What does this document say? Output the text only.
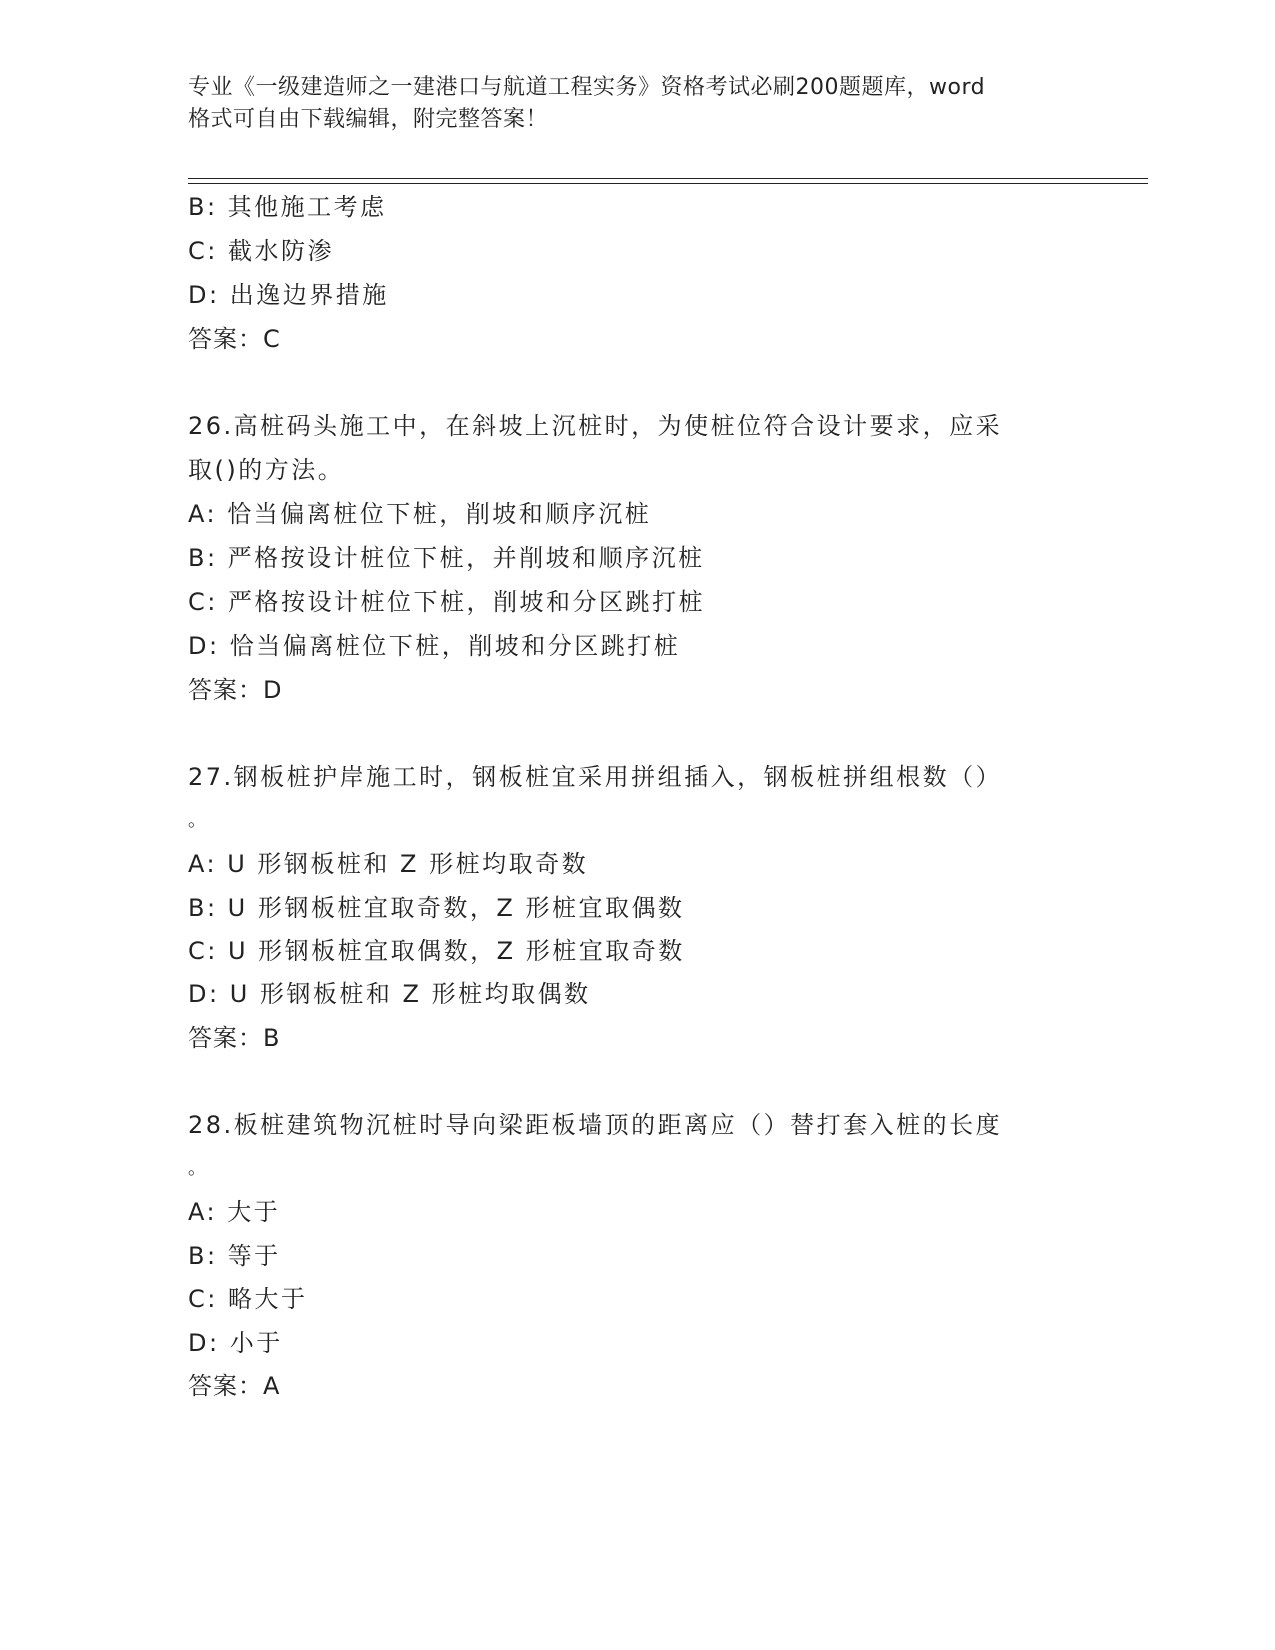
专业《一级建造师之一建港口与航道工程实务》资格考试必刷200题题库，word
格式可自由下载编辑，附完整答案！
B: 其他施工考虑
C: 截水防渗
D: 出逸边界措施
答案：C
26.高桩码头施工中，在斜坡上沉桩时，为使桩位符合设计要求，应采
取()的方法。
A: 恰当偏离桩位下桩，削坡和顺序沉桩
B: 严格按设计桩位下桩，并削坡和顺序沉桩
C: 严格按设计桩位下桩，削坡和分区跳打桩
D: 恰当偏离桩位下桩，削坡和分区跳打桩
答案：D
27.钢板桩护岸施工时，钢板桩宜采用拼组插入，钢板桩拼组根数（）
。
A: U 形钢板桩和 Z 形桩均取奇数
B: U 形钢板桩宜取奇数，Z 形桩宜取偶数
C: U 形钢板桩宜取偶数，Z 形桩宜取奇数
D: U 形钢板桩和 Z 形桩均取偶数
答案：B
28.板桩建筑物沉桩时导向梁距板墙顶的距离应（）替打套入桩的长度
。
A: 大于
B: 等于
C: 略大于
D: 小于
答案：A
